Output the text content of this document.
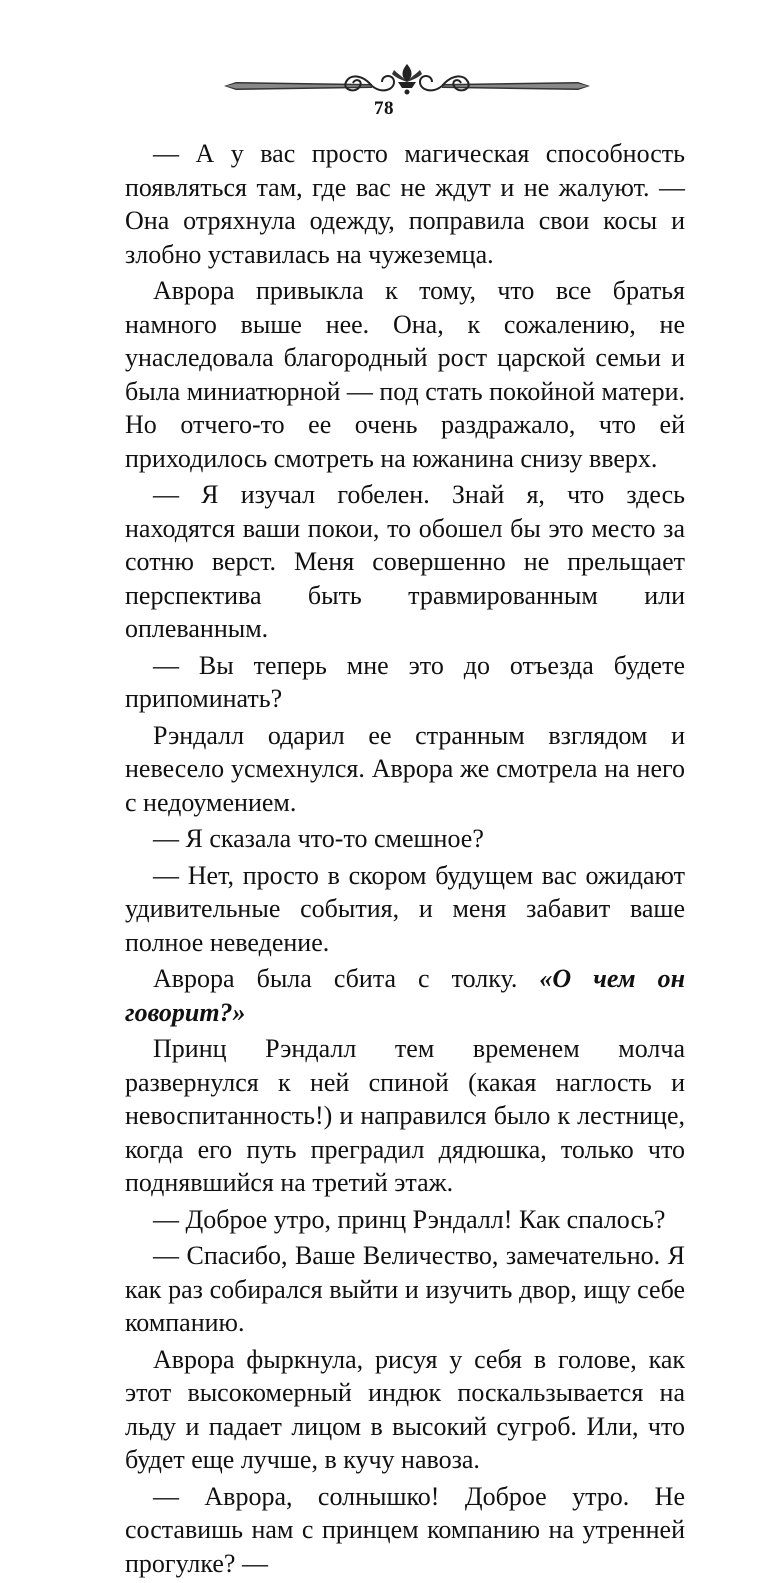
78

— А у вас просто магическая способность появляться там, где вас не ждут и не жалуют. — Она отряхнула одежду, поправила свои косы и злобно уставилась на чужеземца.

Аврора привыкла к тому, что все братья намного выше нее. Она, к сожалению, не унаследовала благородный рост царской семьи и была миниатюрной — под стать покойной матери. Но отчего-то ее очень раздражало, что ей приходилось смотреть на южанина снизу вверх.

— Я изучал гобелен. Знай я, что здесь находятся ваши покои, то обошел бы это место за сотню верст. Меня совершенно не прельщает перспектива быть травмированным или оплеванным.

— Вы теперь мне это до отъезда будете припоминать?

Рэндалл одарил ее странным взглядом и невесело усмехнулся. Аврора же смотрела на него с недоумением.

— Я сказала что-то смешное?

— Нет, просто в скором будущем вас ожидают удивительные события, и меня забавит ваше полное неведение.

Аврора была сбита с толку. «О чем он говорит?»

Принц Рэндалл тем временем молча развернулся к ней спиной (какая наглость и невоспитанность!) и направился было к лестнице, когда его путь преградил дядюшка, только что поднявшийся на третий этаж.

— Доброе утро, принц Рэндалл! Как спалось?

— Спасибо, Ваше Величество, замечательно. Я как раз собирался выйти и изучить двор, ищу себе компанию.

Аврора фыркнула, рисуя у себя в голове, как этот высокомерный индюк поскальзывается на льду и падает лицом в высокий сугроб. Или, что будет еще лучше, в кучу навоза.

— Аврора, солнышко! Доброе утро. Не составишь нам с принцем компанию на утренней прогулке? —
